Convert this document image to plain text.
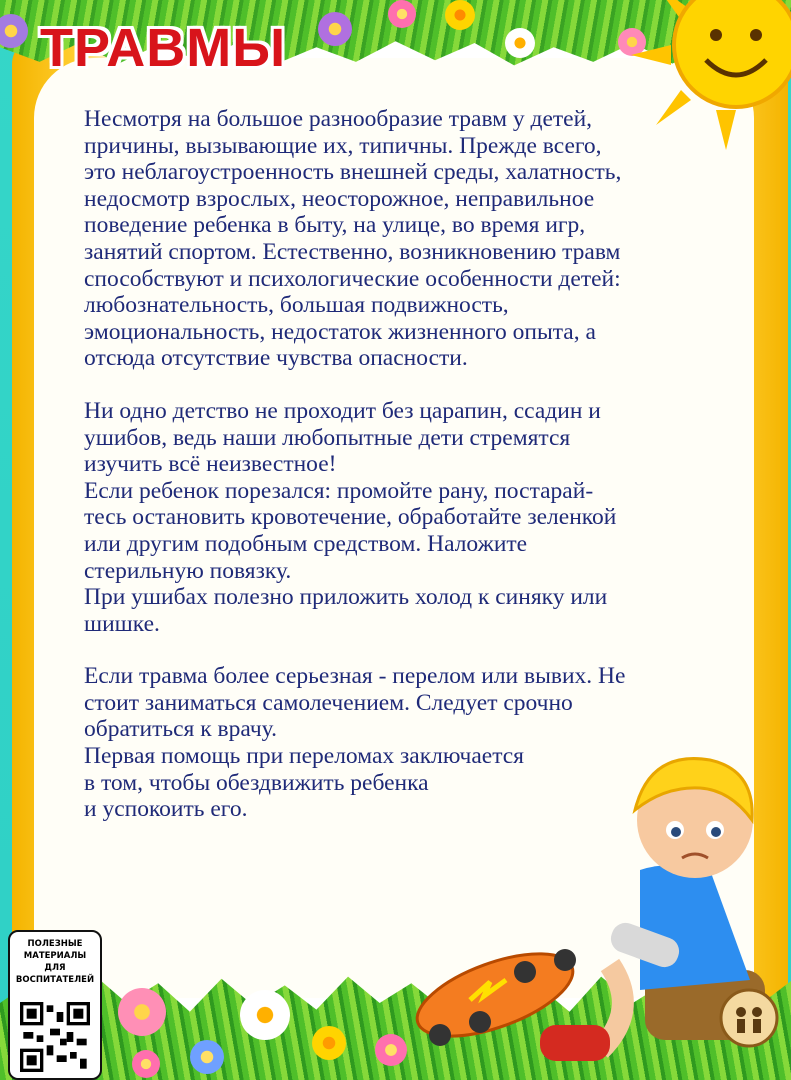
ТРАВМЫ

Несмотря на большое разнообразие травм у детей,
причины, вызывающие их, типичны. Прежде всего,
это неблагоустроенность внешней среды, халатность,
недосмотр взрослых, неосторожное, неправильное
поведение ребенка в быту, на улице, во время игр,
занятий спортом. Естественно, возникновению травм
способствуют и психологические особенности детей:
любознательность, большая подвижность,
эмоциональность, недостаток жизненного опыта, а
отсюда отсутствие чувства опасности.

Ни одно детство не проходит без царапин, ссадин и
ушибов, ведь наши любопытные дети стремятся
изучить всё неизвестное!
Если ребенок порезался: промойте рану, постарай-
тесь остановить кровотечение, обработайте зеленкой
или другим подобным средством. Наложите
стерильную повязку.
При ушибах полезно приложить холод к синяку или
шишке.

Если травма более серьезная - перелом или вывих. Не
стоит заниматься самолечением. Следует срочно
обратиться к врачу.
Первая помощь при переломах заключается
в том, чтобы обездвижить ребенка
и успокоить его.

ПОЛЕЗНЫЕ
МАТЕРИАЛЫ
ДЛЯ
ВОСПИТАТЕЛЕЙ
